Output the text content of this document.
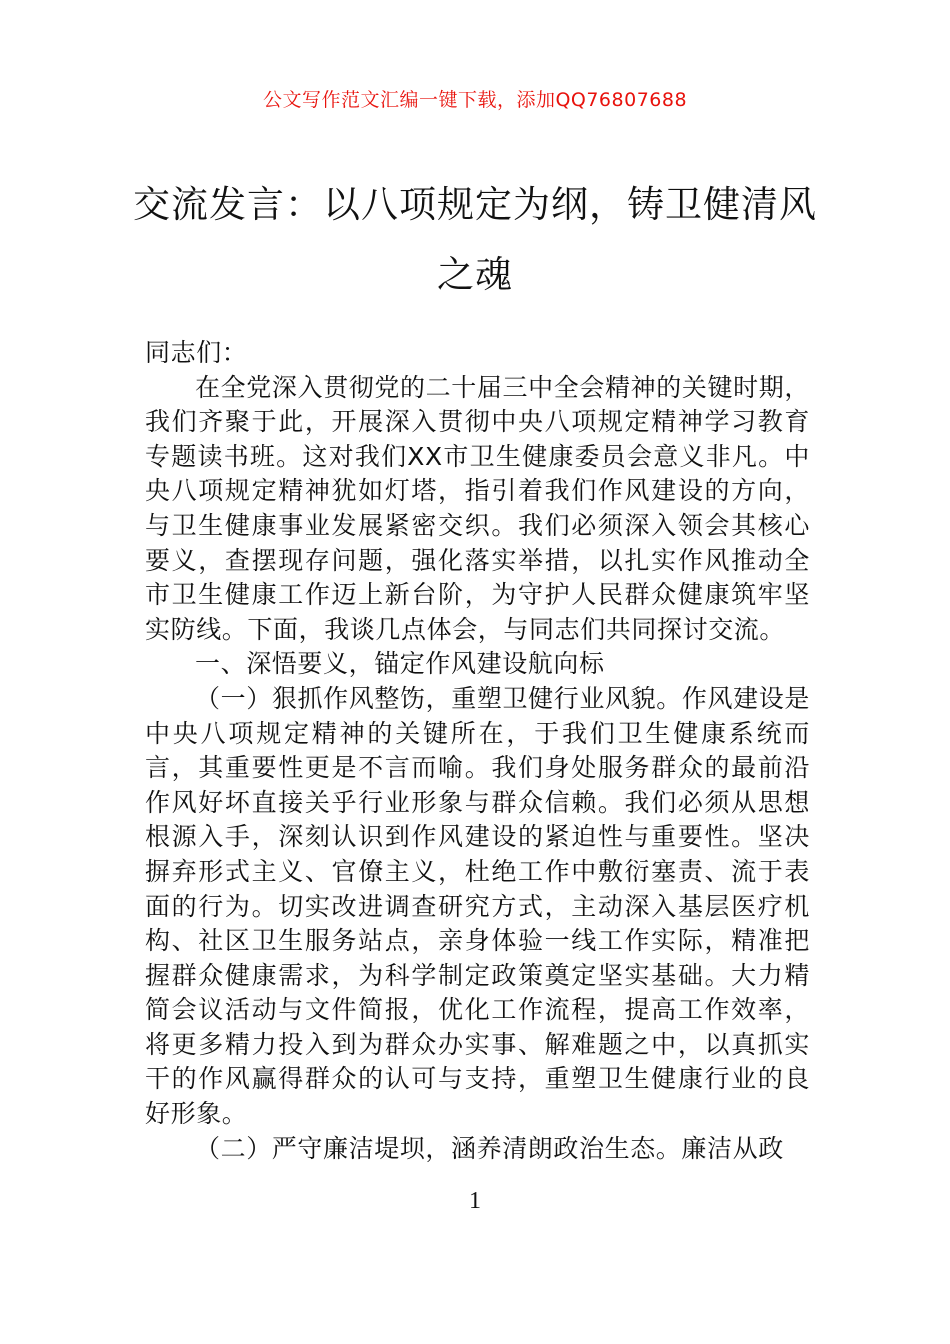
公文写作范文汇编一键下载，添加QQ76807688
交流发言：以八项规定为纲，铸卫健清风之魂

同志们：

在全党深入贯彻党的二十届三中全会精神的关键时期，我们齐聚于此，开展深入贯彻中央八项规定精神学习教育专题读书班。这对我们XX市卫生健康委员会意义非凡。中央八项规定精神犹如灯塔，指引着我们作风建设的方向，与卫生健康事业发展紧密交织。我们必须深入领会其核心要义，查摆现存问题，强化落实举措，以扎实作风推动全市卫生健康工作迈上新台阶，为守护人民群众健康筑牢坚实防线。下面，我谈几点体会，与同志们共同探讨交流。

一、深悟要义，锚定作风建设航向标

（一）狠抓作风整饬，重塑卫健行业风貌。作风建设是中央八项规定精神的关键所在，于我们卫生健康系统而言，其重要性更是不言而喻。我们身处服务群众的最前沿作风好坏直接关乎行业形象与群众信赖。我们必须从思想根源入手，深刻认识到作风建设的紧迫性与重要性。坚决摒弃形式主义、官僚主义，杜绝工作中敷衍塞责、流于表面的行为。切实改进调查研究方式，主动深入基层医疗机构、社区卫生服务站点，亲身体验一线工作实际，精准把握群众健康需求，为科学制定政策奠定坚实基础。大力精简会议活动与文件简报，优化工作流程，提高工作效率，将更多精力投入到为群众办实事、解难题之中，以真抓实干的作风赢得群众的认可与支持，重塑卫生健康行业的良好形象。

（二）严守廉洁堤坝，涵养清朗政治生态。廉洁从政

1
